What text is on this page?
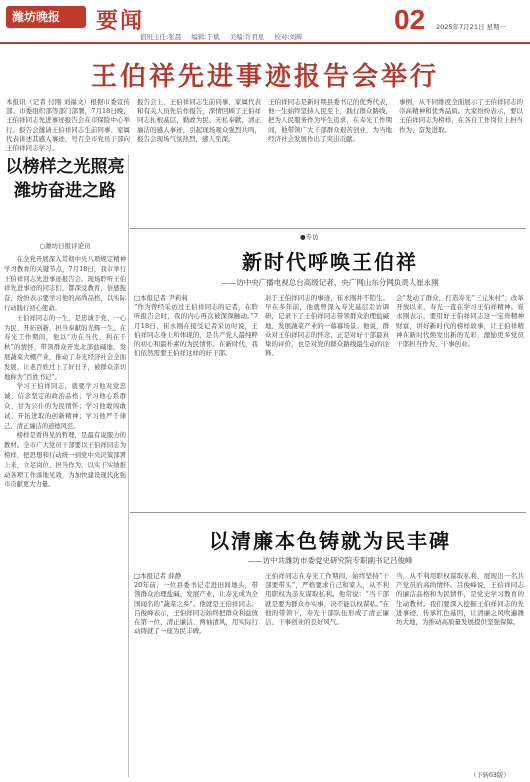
潍坊晚报	要闻
值班主任:张晨 编辑:于斌 美编:许君星 校对:刘辉
02 2025年7月21日 星期一
王伯祥先进事迹报告会举行
本报讯（记者 付刚 刘福文）根据市委宣传部、市委组织部等部门部署，7月18日晚，王伯祥同志先进事迹报告会在市保险中心举行。报告会邀请王伯祥同志生前同事、家属代表讲述其感人事迹，号召全市党员干部向王伯祥同志学习。
报告会上，王伯祥同志生前同事、家属代表和有关人员先后作报告，深情回顾了王伯祥同志扎根基层、勤政为民、无私奉献、清正廉洁的感人事迹，引起现场观众强烈共鸣，报告会现场气氛热烈，感人至深。
王伯祥同志是新时期县委书记的优秀代表，他一生始终坚持人民至上，践行群众路线，把为人民服务作为毕生追求，在寿光工作期间，他带领广大干部群众艰苦创业，为当地经济社会发展作出了突出贡献。
事例，从不同维度全面展示了王伯祥同志的崇高精神和优秀品质。大家纷纷表示，要以王伯祥同志为榜样，在各自工作岗位上担当作为、奋发进取。
以榜样之光照亮
潍坊奋进之路
○潍坊日报评论员

在全党开展深入贯彻中央八项规定精神学习教育的关键节点，7月18日，我市举行王伯祥同志先进事迹报告会。现场聆听王伯祥先进事迹的同志们，都深受教育，倍感振奋，纷纷表示要学习他的高尚品格，以实际行动践行初心使命。

王伯祥同志的一生，是忠诚于党、一心为民、开拓创新、担当奉献的光辉一生。在寿光工作期间，他以“功在当代、利在千秋”的情怀，带领群众开发北部盐碱地，发展蔬菜大棚产业，推动了寿光经济社会全面发展，让老百姓过上了好日子，被群众亲切地称为“百姓书记”。

学习王伯祥同志，就要学习他对党忠诚、信念坚定的政治品格；学习他心系群众、甘为公仆的为民情怀；学习他敢闯敢试、开拓进取的创新精神；学习他严于律己、清正廉洁的道德风范。

榜样是看得见的哲理，是最有说服力的教材。全市广大党员干部要以王伯祥同志为榜样，把思想和行动统一到党中央决策部署上来，立足岗位、担当作为，以实干实绩推动各项工作落地见效，为加快建设现代化强市贡献更大力量。

●专访
新时代呼唤王伯祥
——访中央广播电视总台高级记者、央广网山东分网负责人崔永刚
□本报记者 尹莉莉
“作为曾经采访过王伯祥同志的记者，在聆听报告会时，我的内心再次被深深触动。”7月18日，崔永刚在接受记者采访时说，王伯祥同志身上所体现的，是共产党人最纯粹的初心和最朴素的为民情怀。在新时代，我们依然需要王伯祥这样的好干部。
对于王伯祥同志的事迹，崔永刚并不陌生。早在多年前，他就曾深入寿光基层走访调研，记录下了王伯祥同志带领群众治理盐碱地、发展蔬菜产业的一幕幕场景。他说，群众对王伯祥同志的怀念，正是对好干部最真挚的评价，也是对党的群众路线最生动的诠释。
会”发动了群众，打造寿光“三元朱村”；改革开放以来，寿光一直在学习王伯祥精神。崔永刚表示，要用好王伯祥同志这一宝贵精神财富，讲好新时代的榜样故事，让王伯祥精神在新时代焕发出新的光彩，激励更多党员干部担当作为、干事创业。
以清廉本色铸就为民丰碑
——访中共潍坊市委党史研究院专职副书记吕俊峰
□本报记者 薛静
20年前，一位县委书记走进田间地头，带领群众治理盐碱、发展产业，让寿光成为全国闻名的“蔬菜之乡”。他就是王伯祥同志。吕俊峰表示，王伯祥同志始终把群众利益放在第一位，清正廉洁、两袖清风，用实际行动铸就了一座为民丰碑。
王伯祥同志在寿光工作期间，始终坚持“干部要带头”，严格要求自己和家人，从不利用职权为亲友谋取私利。他常说：“当干部就是要为群众办实事，决不能以权谋私。”在他的带领下，寿光干部队伍形成了清正廉洁、干事创业的良好风气。
当，从不利用职权谋取私利，展现出一名共产党员的高尚情怀。吕俊峰说，王伯祥同志的廉洁品格和为民情怀，是党史学习教育的生动教材。我们要深入挖掘王伯祥同志的先进事迹，传承红色基因，让清廉之风吹遍潍坊大地，为推动高质量发展提供坚强保障。
（下转03版）
